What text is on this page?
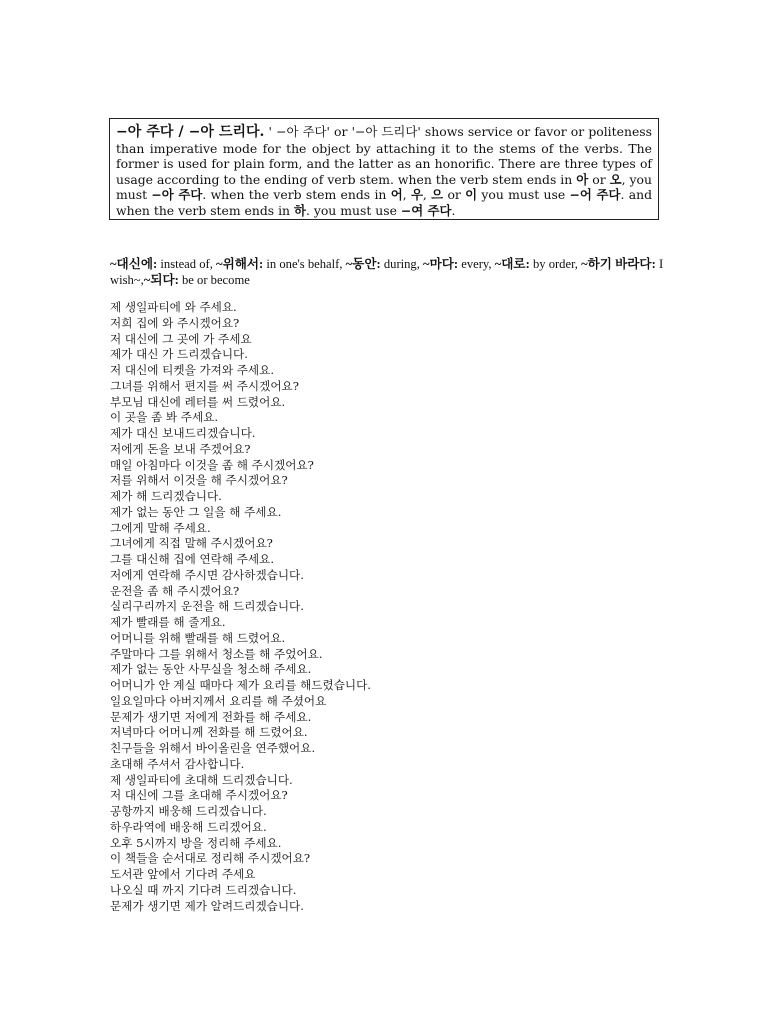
−아 주다 / −아 드리다. ' −아 주다' or '−아 드리다' shows service or favor or politeness than imperative mode for the object by attaching it to the stems of the verbs. The former is used for plain form, and the latter as an honorific. There are three types of usage according to the ending of verb stem. when the verb stem ends in 아 or 오, you must −아 주다. when the verb stem ends in 어, 우, 으 or 이 you must use −어 주다. and when the verb stem ends in 하. you must use −여 주다.
~대신에: instead of, ~위해서: in one's behalf, ~동안: during, ~마다: every, ~대로: by order, ~하기 바라다: I wish~,~되다: be or become
제 생일파티에 와 주세요.
저희 집에 와 주시겠어요?
저 대신에 그 곳에 가 주세요
제가 대신 가 드리겠습니다.
저 대신에 티켓을 가져와 주세요.
그녀를 위해서 편지를 써 주시겠어요?
부모님 대신에 레터를 써 드렸어요.
이 곳을 좀 봐 주세요.
제가 대신 보내드리겠습니다.
저에게 돈을 보내 주겠어요?
매일 아침마다 이것을 좀 해 주시겠어요?
저를 위해서 이것을 해 주시겠어요?
제가 해 드리겠습니다.
제가 없는 동안 그 일을 해 주세요.
그에게 말해 주세요.
그녀에게 직접 말해 주시겠어요?
그를 대신해 집에 연락해 주세요.
저에게 연락해 주시면 감사하겠습니다.
운전을 좀 해 주시겠어요?
실리구리까지 운전을 해 드리겠습니다.
제가 빨래를 해 줄게요.
어머니를 위해 빨래를 해 드렸어요.
주말마다 그를 위해서 청소를 해 주었어요.
제가 없는 동안 사무실을 청소해 주세요.
어머니가 안 계실 때마다 제가 요리를 해드렸습니다.
일요일마다 아버지께서 요리를 해 주셨어요
문제가 생기면 저에게 전화를 해 주세요.
저녁마다 어머니께 전화를 해 드렸어요.
친구들을 위해서 바이올린을 연주했어요.
초대해 주셔서 감사합니다.
제 생일파티에 초대해 드리겠습니다.
저 대신에 그를 초대해 주시겠어요?
공항까지 배웅해 드리겠습니다.
하우라역에 배웅해 드리겠어요.
오후 5시까지 방을 정리해 주세요.
이 책들을 순서대로 정리해 주시겠어요?
도서관 앞에서 기다려 주세요
나오실 때 까지 기다려 드리겠습니다.
문제가 생기면 제가 알려드리겠습니다.
